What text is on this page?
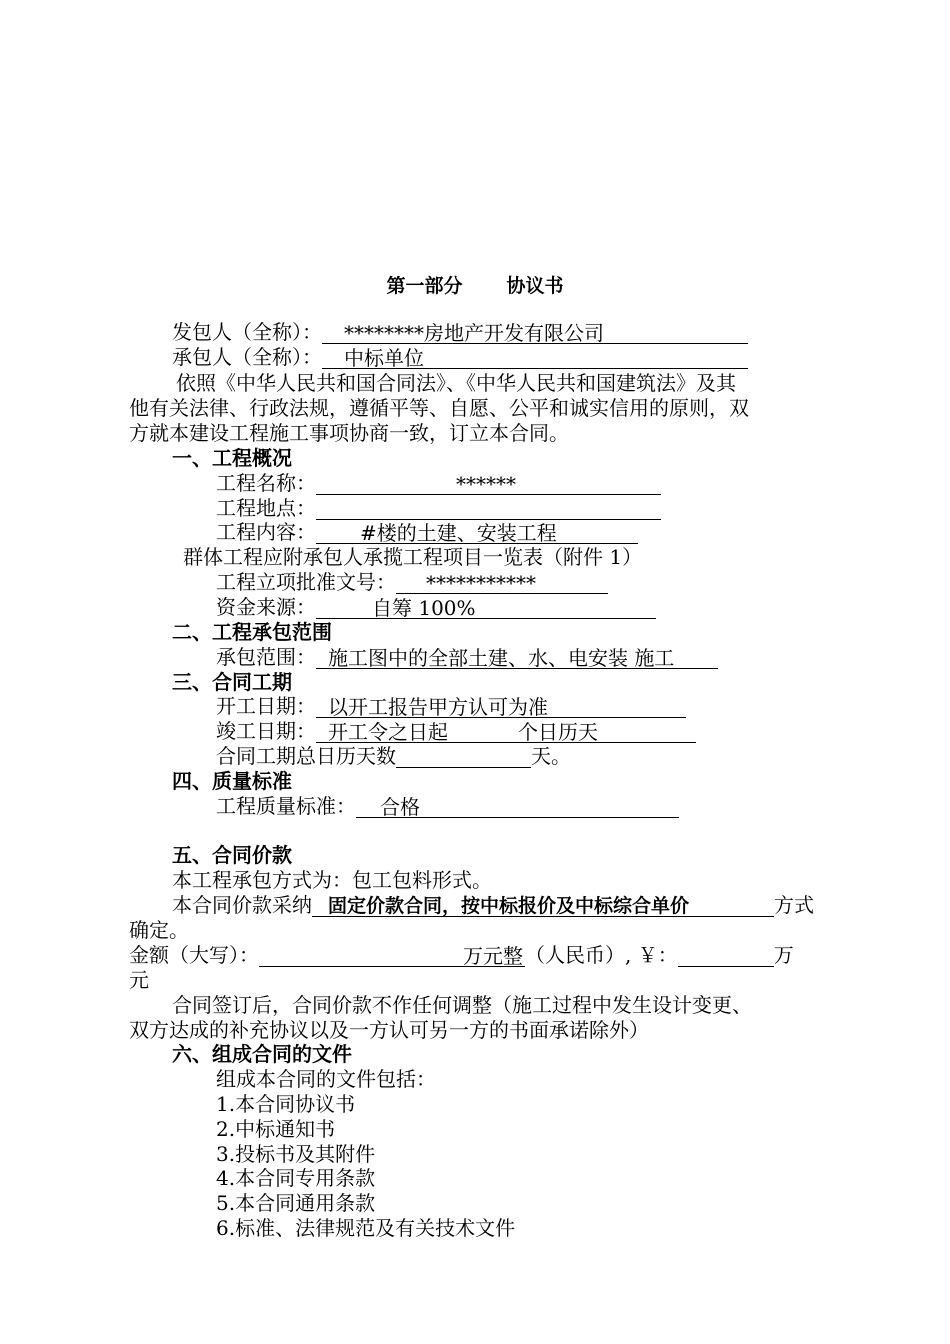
第一部分 协议书
发包人（全称）： ********房地产开发有限公司
承包人（全称）： 中标单位
依照《中华人民共和国合同法》、《中华人民共和国建筑法》及其
他有关法律、行政法规，遵循平等、自愿、公平和诚实信用的原则，双
方就本建设工程施工事项协商一致，订立本合同。
一、工程概况
工程名称：	******
工程地点：
工程内容： #楼的土建、安装工程
群体工程应附承包人承揽工程项目一览表（附件 1）
工程立项批准文号： ***********
资金来源：	自筹 100%
二、工程承包范围
承包范围： 施工图中的全部土建、水、电安装 施工
三、合同工期
开工日期： 以开工报告甲方认可为准
竣工日期： 开工令之日起	个日历天
合同工期总日历天数	天。
四、质量标准
工程质量标准： 合格
五、合同价款
本工程承包方式为：包工包料形式。
本合同价款采纳 固定价款合同，按中标报价及中标综合单价	方式
确定。
金额（大写）：	万元整 （人民币）, ￥：	万
元
合同签订后，合同价款不作任何调整（施工过程中发生设计变更、
双方达成的补充协议以及一方认可另一方的书面承诺除外）
六、组成合同的文件
组成本合同的文件包括：
1.本合同协议书
2.中标通知书
3.投标书及其附件
4.本合同专用条款
5.本合同通用条款
6.标准、法律规范及有关技术文件
